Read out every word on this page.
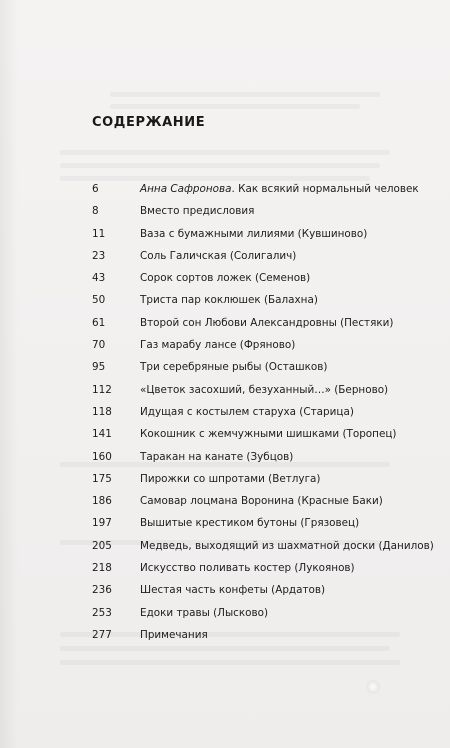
СОДЕРЖАНИЕ
6	Анна Сафронова. Как всякий нормальный человек
8	Вместо предисловия
11	Ваза с бумажными лилиями (Кувшиново)
23	Соль Галичская (Солигалич)
43	Сорок сортов ложек (Семенов)
50	Триста пар коклюшек (Балахна)
61	Второй сон Любови Александровны (Пестяки)
70	Газ марабу лансе (Фряново)
95	Три серебряные рыбы (Осташков)
112	«Цветок засохший, безуханный…» (Берново)
118	Идущая с костылем старуха (Старица)
141	Кокошник с жемчужными шишками (Торопец)
160	Таракан на канате (Зубцов)
175	Пирожки со шпротами (Ветлуга)
186	Самовар лоцмана Воронина (Красные Баки)
197	Вышитые крестиком бутоны (Грязовец)
205	Медведь, выходящий из шахматной доски (Данилов)
218	Искусство поливать костер (Лукоянов)
236	Шестая часть конфеты (Ардатов)
253	Едоки травы (Лысково)
277	Примечания
